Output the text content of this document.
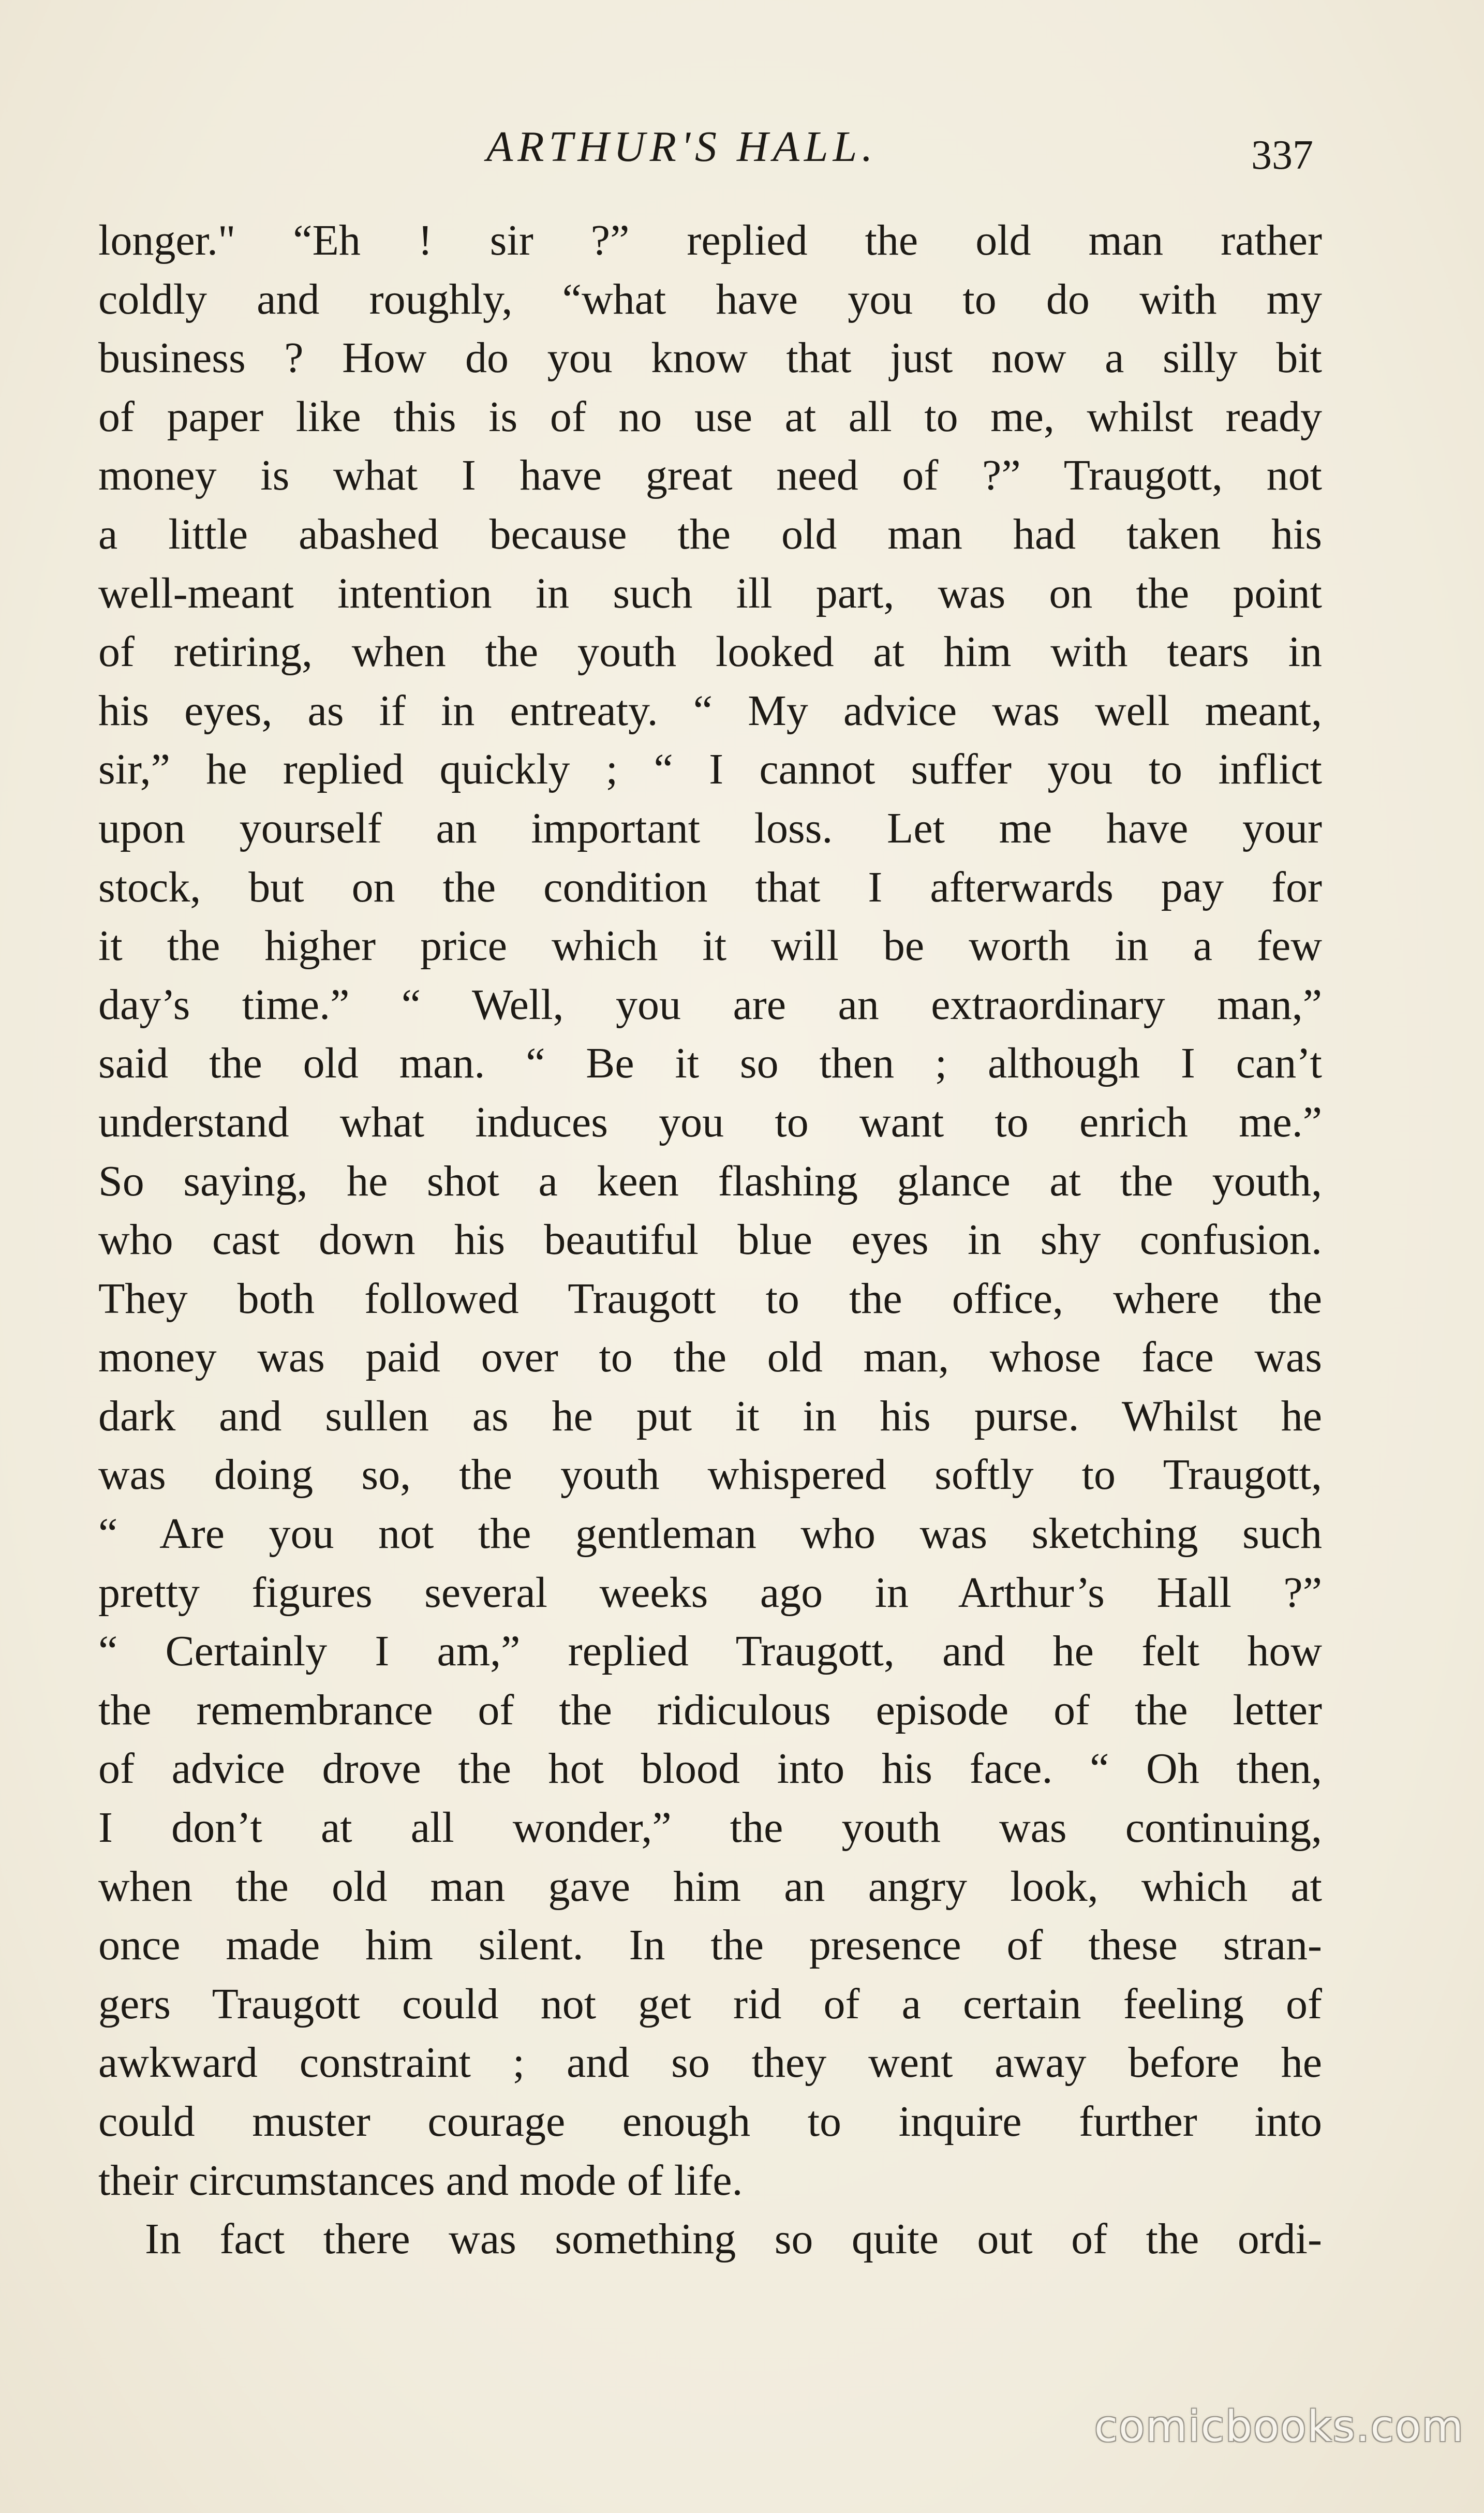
ARTHUR'S HALL.	337
longer." “Eh ! sir ?” replied the old man rather
coldly and roughly, “what have you to do with my
business ? How do you know that just now a silly bit
of paper like this is of no use at all to me, whilst ready
money is what I have great need of ?” Traugott, not
a little abashed because the old man had taken his
well-meant intention in such ill part, was on the point
of retiring, when the youth looked at him with tears in
his eyes, as if in entreaty. “ My advice was well meant,
sir,” he replied quickly ; “ I cannot suffer you to inflict
upon yourself an important loss. Let me have your
stock, but on the condition that I afterwards pay for
it the higher price which it will be worth in a few
day’s time.” “ Well, you are an extraordinary man,”
said the old man. “ Be it so then ; although I can’t
understand what induces you to want to enrich me.”
So saying, he shot a keen flashing glance at the youth,
who cast down his beautiful blue eyes in shy confusion.
They both followed Traugott to the office, where the
money was paid over to the old man, whose face was
dark and sullen as he put it in his purse. Whilst he
was doing so, the youth whispered softly to Traugott,
“ Are you not the gentleman who was sketching such
pretty figures several weeks ago in Arthur’s Hall ?”
“ Certainly I am,” replied Traugott, and he felt how
the remembrance of the ridiculous episode of the letter
of advice drove the hot blood into his face. “ Oh then,
I don’t at all wonder,” the youth was continuing,
when the old man gave him an angry look, which at
once made him silent. In the presence of these stran-
gers Traugott could not get rid of a certain feeling of
awkward constraint ; and so they went away before he
could muster courage enough to inquire further into
their circumstances and mode of life.
In fact there was something so quite out of the ordi-
comicbooks.com
